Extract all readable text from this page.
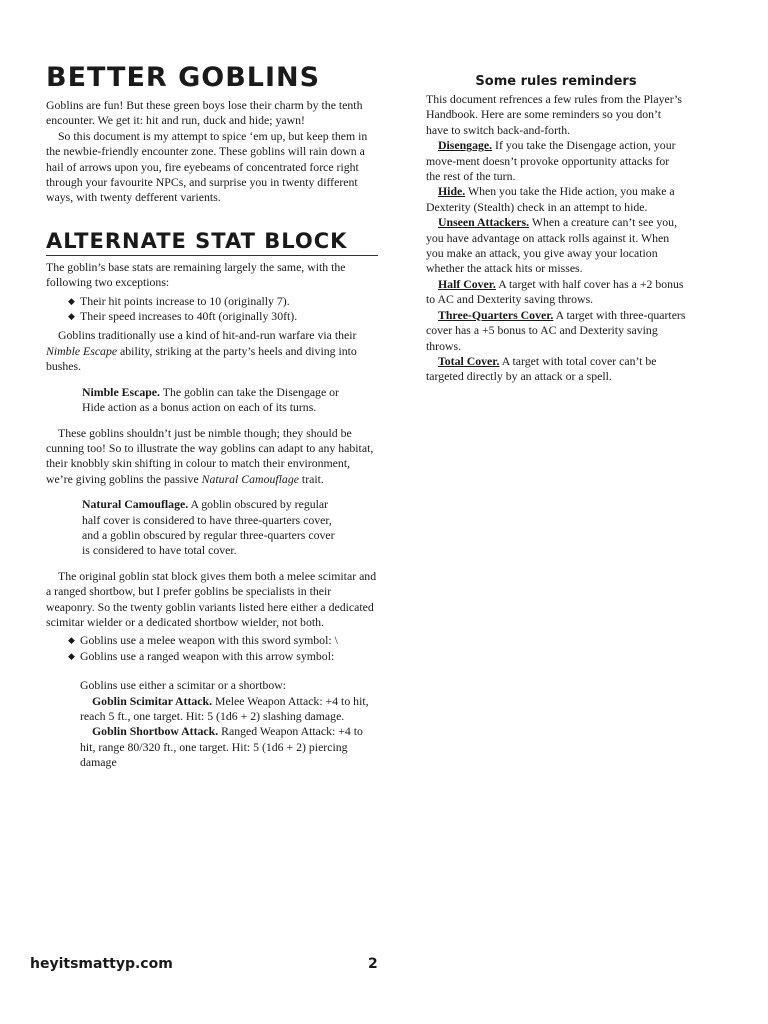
BETTER GOBLINS

Goblins are fun! But these green boys lose their charm by the tenth encounter. We get it: hit and run, duck and hide; yawn!

So this document is my attempt to spice ‘em up, but keep them in the newbie-friendly encounter zone. These goblins will rain down a hail of arrows upon you, fire eyebeams of concentrated force right through your favourite NPCs, and surprise you in twenty different ways, with twenty defferent varients.

ALTERNATE STAT BLOCK

The goblin’s base stats are remaining largely the same, with the following two exceptions:

◆ Their hit points increase to 10 (originally 7).
◆ Their speed increases to 40ft (originally 30ft).

Goblins traditionally use a kind of hit-and-run warfare via their Nimble Escape ability, striking at the party’s heels and diving into bushes.

Nimble Escape. The goblin can take the Disengage or Hide action as a bonus action on each of its turns.

These goblins shouldn’t just be nimble though; they should be cunning too! So to illustrate the way goblins can adapt to any habitat, their knobbly skin shifting in colour to match their environment, we’re giving goblins the passive Natural Camouflage trait.

Natural Camouflage. A goblin obscured by regular half cover is considered to have three-quarters cover, and a goblin obscured by regular three-quarters cover is considered to have total cover.

The original goblin stat block gives them both a melee scimitar and a ranged shortbow, but I prefer goblins be specialists in their weaponry. So the twenty goblin variants listed here either a dedicated scimitar wielder or a dedicated shortbow wielder, not both.

◆ Goblins use a melee weapon with this sword symbol: \
◆ Goblins use a ranged weapon with this arrow symbol:

Goblins use either a scimitar or a shortbow:

Goblin Scimitar Attack. Melee Weapon Attack: +4 to hit, reach 5 ft., one target. Hit: 5 (1d6 + 2) slashing damage.

Goblin Shortbow Attack. Ranged Weapon Attack: +4 to hit, range 80/320 ft., one target. Hit: 5 (1d6 + 2) piercing damage

Some rules reminders

This document refrences a few rules from the Player’s Handbook. Here are some reminders so you don’t have to switch back-and-forth.

Disengage. If you take the Disengage action, your move-ment doesn’t provoke opportunity attacks for the rest of the turn.

Hide. When you take the Hide action, you make a Dexterity (Stealth) check in an attempt to hide.

Unseen Attackers. When a creature can’t see you, you have advantage on attack rolls against it. When you make an attack, you give away your location whether the attack hits or misses.

Half Cover. A target with half cover has a +2 bonus to AC and Dexterity saving throws.

Three-Quarters Cover. A target with three-quarters cover has a +5 bonus to AC and Dexterity saving throws.

Total Cover. A target with total cover can’t be targeted directly by an attack or a spell.

heyitsmattyp.com	2
